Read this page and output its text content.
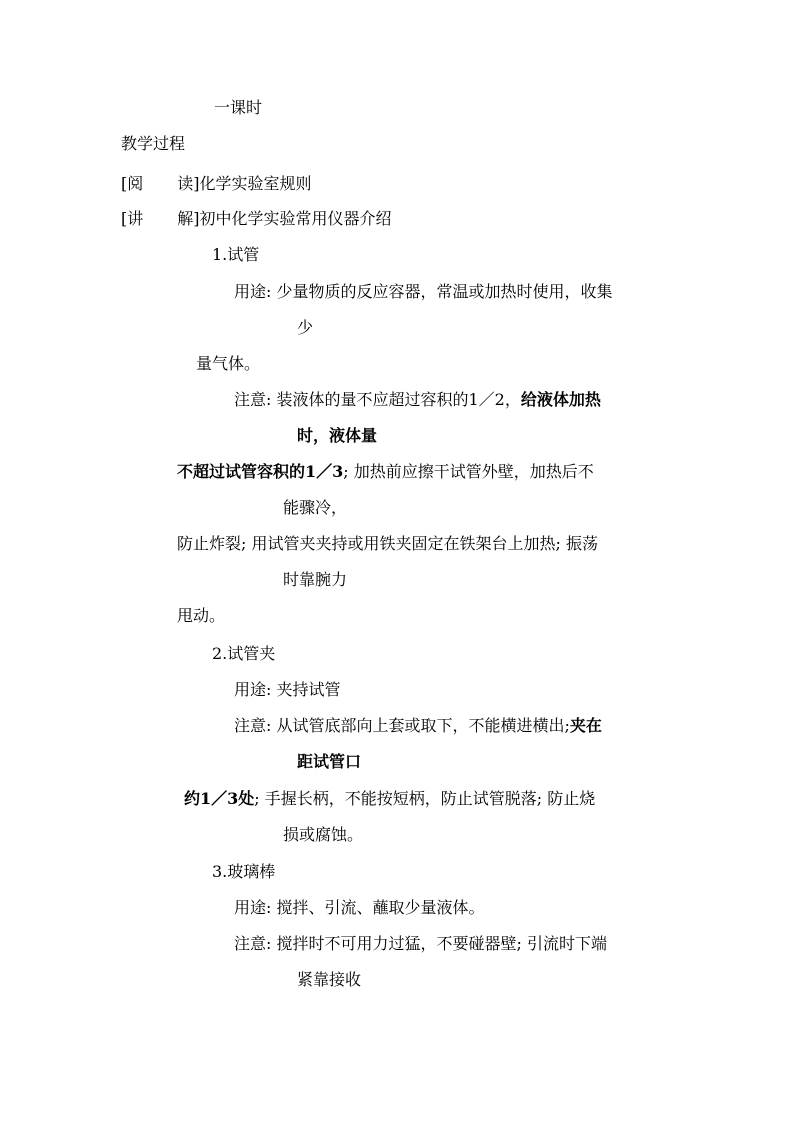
一课时
教学过程
[阅 读]化学实验室规则
[讲 解]初中化学实验常用仪器介绍
1.试管
用途: 少量物质的反应容器，常温或加热时使用，收集
少
量气体。
注意: 装液体的量不应超过容积的1／2，给液体加热
时，液体量
不超过试管容积的1／3; 加热前应擦干试管外壁，加热后不
能骤冷，
防止炸裂; 用试管夹夹持或用铁夹固定在铁架台上加热; 振荡
时靠腕力
甩动。
2.试管夹
用途: 夹持试管
注意: 从试管底部向上套或取下，不能横进横出;夹在
距试管口
约1／3处; 手握长柄，不能按短柄，防止试管脱落; 防止烧
损或腐蚀。
3.玻璃棒
用途: 搅拌、引流、蘸取少量液体。
注意: 搅拌时不可用力过猛，不要碰器壁; 引流时下端
紧靠接收
